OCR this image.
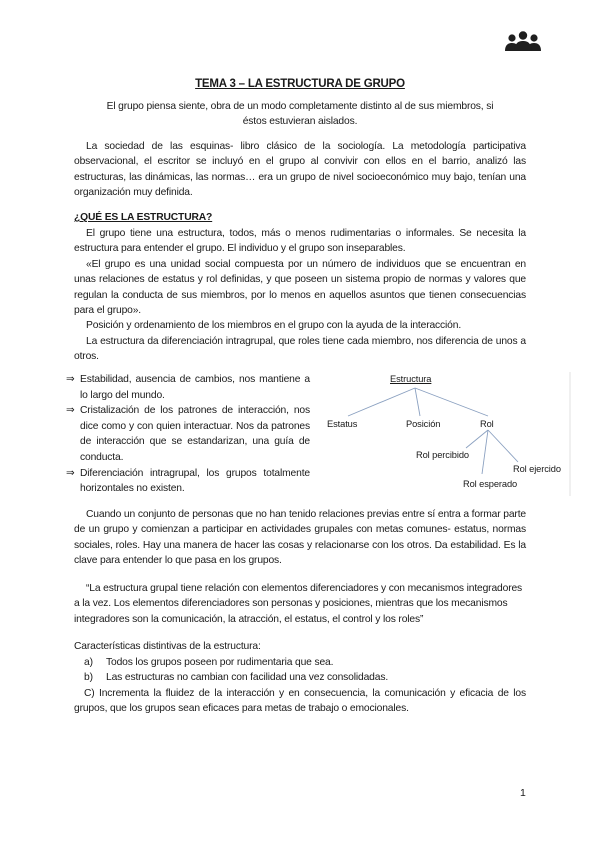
TEMA 3 – LA ESTRUCTURA DE GRUPO
El grupo piensa siente, obra de un modo completamente distinto al de sus miembros, si
éstos estuvieran aislados.
La sociedad de las esquinas- libro clásico de la sociología. La metodología participativa observacional, el escritor se incluyó en el grupo al convivir con ellos en el barrio, analizó las estructuras, las dinámicas, las normas… era un grupo de nivel socioeconómico muy bajo, tenían una organización muy definida.
¿QUÉ ES LA ESTRUCTURA?
El grupo tiene una estructura, todos, más o menos rudimentarias o informales. Se necesita la estructura para entender el grupo. El individuo y el grupo son inseparables.
«El grupo es una unidad social compuesta por un número de individuos que se encuentran en unas relaciones de estatus y rol definidas, y que poseen un sistema propio de normas y valores que regulan la conducta de sus miembros, por lo menos en aquellos asuntos que tienen consecuencias para el grupo».
Posición y ordenamiento de los miembros en el grupo con la ayuda de la interacción.
La estructura da diferenciación intragrupal, que roles tiene cada miembro, nos diferencia de unos a otros.
⇒ Estabilidad, ausencia de cambios, nos mantiene a lo largo del mundo.
⇒ Cristalización de los patrones de interacción, nos dice como y con quien interactuar. Nos da patrones de interacción que se estandarizan, una guía de conducta.
⇒ Diferenciación intragrupal, los grupos totalmente horizontales no existen.
Estructura
Estatus	Posición	Rol
Rol percibido
Rol ejercido
Rol esperado
Cuando un conjunto de personas que no han tenido relaciones previas entre sí entra a formar parte de un grupo y comienzan a participar en actividades grupales con metas comunes- estatus, normas sociales, roles. Hay una manera de hacer las cosas y relacionarse con los otros. Da estabilidad. Es la clave para entender lo que pasa en los grupos.
“La estructura grupal tiene relación con elementos diferenciadores y con mecanismos integradores a la vez. Los elementos diferenciadores son personas y posiciones, mientras que los mecanismos integradores son la comunicación, la atracción, el estatus, el control y los roles”
Características distintivas de la estructura:
a) Todos los grupos poseen por rudimentaria que sea.
b) Las estructuras no cambian con facilidad una vez consolidadas.
C) Incrementa la fluidez de la interacción y en consecuencia, la comunicación y eficacia de los grupos, que los grupos sean eficaces para metas de trabajo o emocionales.
1
